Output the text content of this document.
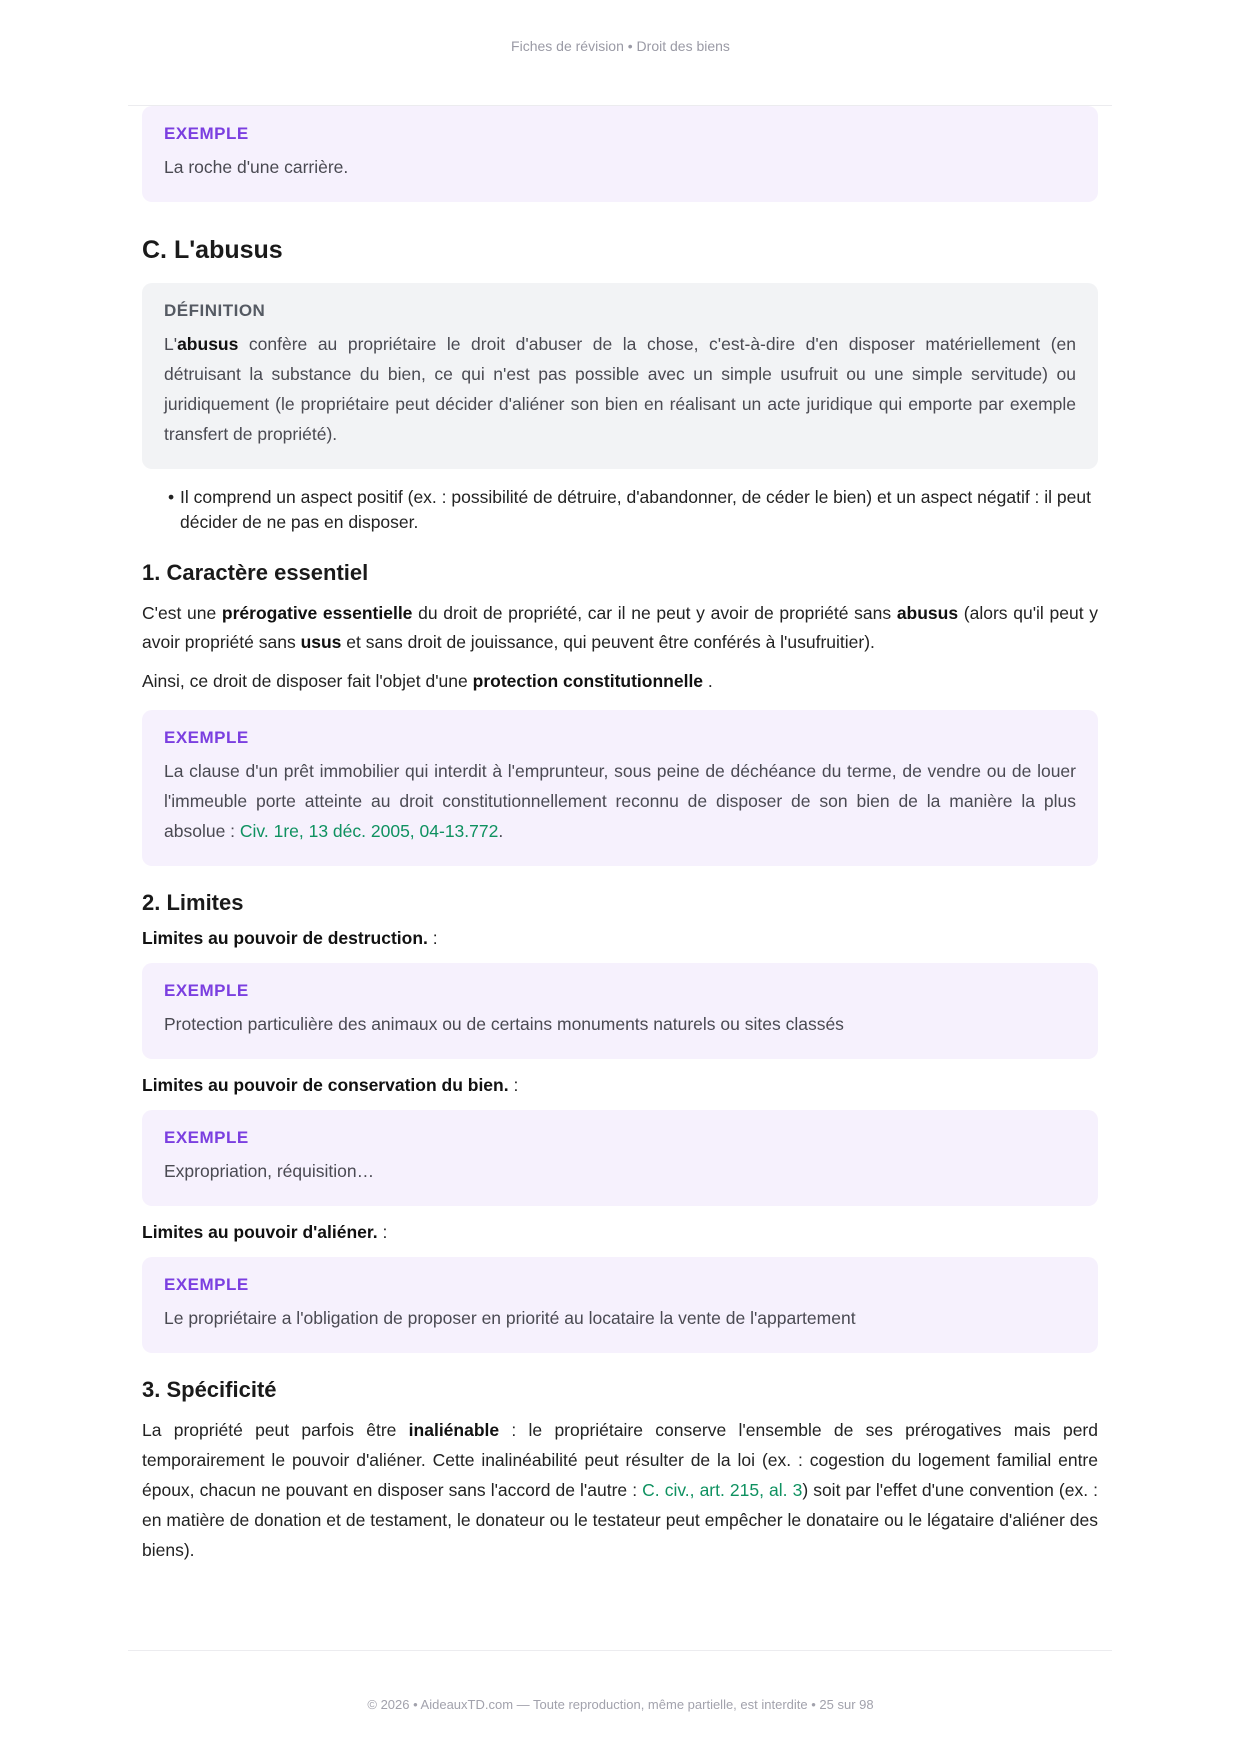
Fiches de révision • Droit des biens
EXEMPLE
La roche d'une carrière.
C. L'abusus
DÉFINITION
L'abusus confère au propriétaire le droit d'abuser de la chose, c'est-à-dire d'en disposer matériellement (en détruisant la substance du bien, ce qui n'est pas possible avec un simple usufruit ou une simple servitude) ou juridiquement (le propriétaire peut décider d'aliéner son bien en réalisant un acte juridique qui emporte par exemple transfert de propriété).
• Il comprend un aspect positif (ex. : possibilité de détruire, d'abandonner, de céder le bien) et un aspect négatif : il peut décider de ne pas en disposer.
1. Caractère essentiel

C'est une prérogative essentielle du droit de propriété, car il ne peut y avoir de propriété sans abusus (alors qu'il peut y avoir propriété sans usus et sans droit de jouissance, qui peuvent être conférés à l'usufruitier).

Ainsi, ce droit de disposer fait l'objet d'une protection constitutionnelle .

EXEMPLE
La clause d'un prêt immobilier qui interdit à l'emprunteur, sous peine de déchéance du terme, de vendre ou de louer l'immeuble porte atteinte au droit constitutionnellement reconnu de disposer de son bien de la manière la plus absolue : Civ. 1re, 13 déc. 2005, 04-13.772.
2. Limites
Limites au pouvoir de destruction. :
EXEMPLE
Protection particulière des animaux ou de certains monuments naturels ou sites classés
Limites au pouvoir de conservation du bien. :
EXEMPLE
Expropriation, réquisition…
Limites au pouvoir d'aliéner. :
EXEMPLE
Le propriétaire a l'obligation de proposer en priorité au locataire la vente de l'appartement
3. Spécificité

La propriété peut parfois être inaliénable : le propriétaire conserve l'ensemble de ses prérogatives mais perd temporairement le pouvoir d'aliéner. Cette inalinéabilité peut résulter de la loi (ex. : cogestion du logement familial entre époux, chacun ne pouvant en disposer sans l'accord de l'autre : C. civ., art. 215, al. 3) soit par l'effet d'une convention (ex. : en matière de donation et de testament, le donateur ou le testateur peut empêcher le donataire ou le légataire d'aliéner des biens).

© 2026 • AideauxTD.com — Toute reproduction, même partielle, est interdite • 25 sur 98
